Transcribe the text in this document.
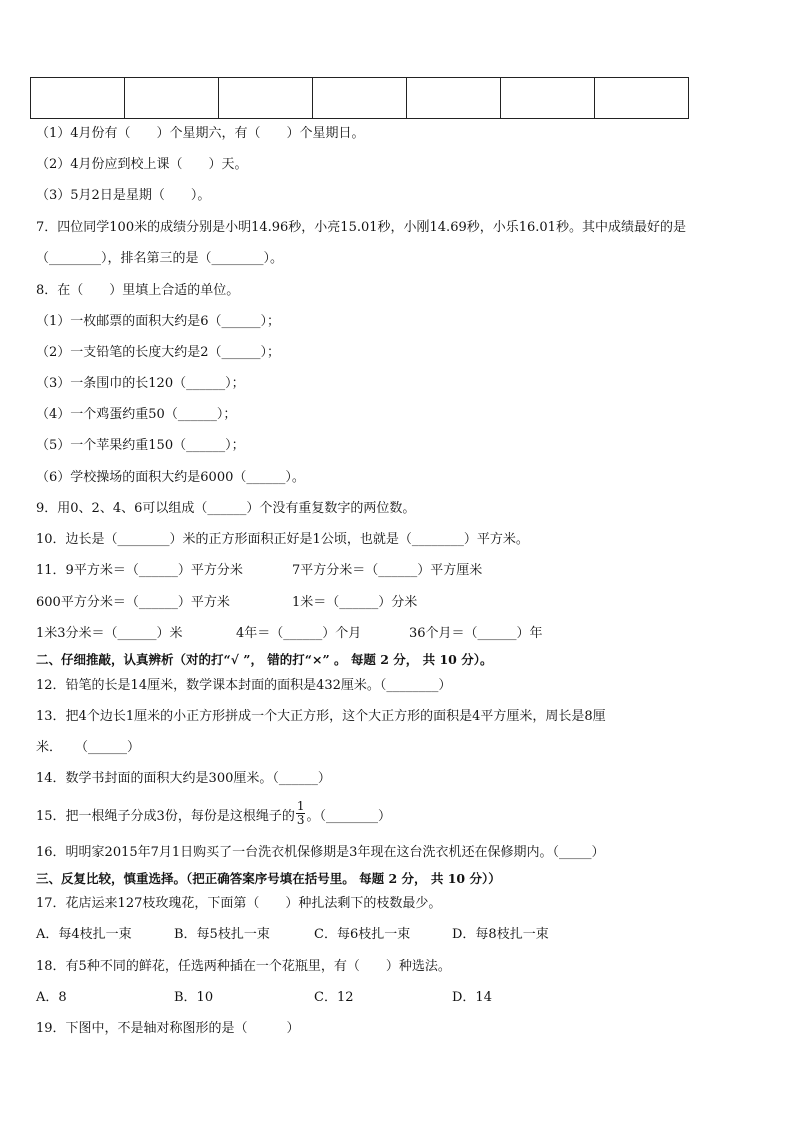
（1）4月份有（　　）个星期六，有（　　）个星期日。
（2）4月份应到校上课（　　）天。
（3）5月2日是星期（　　）。
7．四位同学100米的成绩分别是小明14.96秒，小亮15.01秒，小刚14.69秒，小乐16.01秒。其中成绩最好的是
（________），排名第三的是（________）。
8．在（　　）里填上合适的单位。
（1）一枚邮票的面积大约是6（______）；
（2）一支铅笔的长度大约是2（______）；
（3）一条围巾的长120（______）；
（4）一个鸡蛋约重50（______）；
（5）一个苹果约重150（______）；
（6）学校操场的面积大约是6000（______）。
9．用0、2、4、6可以组成（______）个没有重复数字的两位数。
10．边长是（________）米的正方形面积正好是1公顷，也就是（________）平方米。
11．9平方米＝（______）平方分米	7平方分米＝（______）平方厘米
600平方分米＝（______）平方米	1米＝（______）分米
1米3分米＝（______）米	4年＝（______）个月	36个月＝（______）年
二、仔细推敲，认真辨析（对的打“√ ”， 错的打“×” 。 每题 2 分， 共 10 分）。
12．铅笔的长是14厘米，数学课本封面的面积是432厘米。（________）
13．把4个边长1厘米的小正方形拼成一个大正方形，这个大正方形的面积是4平方厘米，周长是8厘
米．　　（______）
14．数学书封面的面积大约是300厘米。（______）
15．把一根绳子分成3份，每份是这根绳子的 $\frac{1}{3}$ 。（________）
16．明明家2015年7月1日购买了一台洗衣机保修期是3年现在这台洗衣机还在保修期内。（_____）
三、反复比较，慎重选择。（把正确答案序号填在括号里。 每题 2 分， 共 10 分））
17．花店运来127枝玫瑰花，下面第（　　）种扎法剩下的枝数最少。
A．每4枝扎一束	B．每5枝扎一束	C．每6枝扎一束	D．每8枝扎一束
18．有5种不同的鲜花，任选两种插在一个花瓶里，有（　　）种选法。
A．8	B．10	C．12	D．14
19．下图中，不是轴对称图形的是（　　　）
